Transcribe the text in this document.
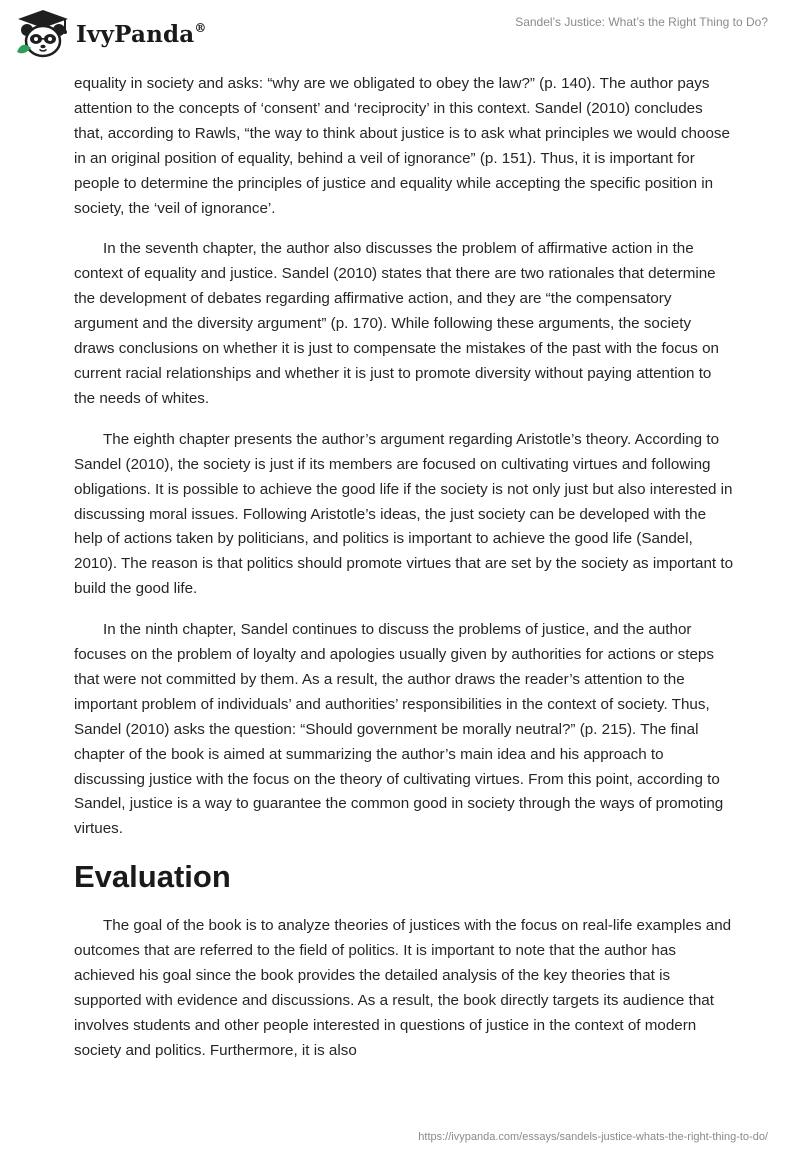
IvyPanda®	Sandel’s Justice: What’s the Right Thing to Do?

equality in society and asks: “why are we obligated to obey the law?” (p. 140). The author pays attention to the concepts of ‘consent’ and ‘reciprocity’ in this context. Sandel (2010) concludes that, according to Rawls, “the way to think about justice is to ask what principles we would choose in an original position of equality, behind a veil of ignorance” (p. 151). Thus, it is important for people to determine the principles of justice and equality while accepting the specific position in society, the ‘veil of ignorance’.

In the seventh chapter, the author also discusses the problem of affirmative action in the context of equality and justice. Sandel (2010) states that there are two rationales that determine the development of debates regarding affirmative action, and they are “the compensatory argument and the diversity argument” (p. 170). While following these arguments, the society draws conclusions on whether it is just to compensate the mistakes of the past with the focus on current racial relationships and whether it is just to promote diversity without paying attention to the needs of whites.

The eighth chapter presents the author’s argument regarding Aristotle’s theory. According to Sandel (2010), the society is just if its members are focused on cultivating virtues and following obligations. It is possible to achieve the good life if the society is not only just but also interested in discussing moral issues. Following Aristotle’s ideas, the just society can be developed with the help of actions taken by politicians, and politics is important to achieve the good life (Sandel, 2010). The reason is that politics should promote virtues that are set by the society as important to build the good life.

In the ninth chapter, Sandel continues to discuss the problems of justice, and the author focuses on the problem of loyalty and apologies usually given by authorities for actions or steps that were not committed by them. As a result, the author draws the reader’s attention to the important problem of individuals’ and authorities’ responsibilities in the context of society. Thus, Sandel (2010) asks the question: “Should government be morally neutral?” (p. 215). The final chapter of the book is aimed at summarizing the author’s main idea and his approach to discussing justice with the focus on the theory of cultivating virtues. From this point, according to Sandel, justice is a way to guarantee the common good in society through the ways of promoting virtues.

Evaluation

The goal of the book is to analyze theories of justices with the focus on real-life examples and outcomes that are referred to the field of politics. It is important to note that the author has achieved his goal since the book provides the detailed analysis of the key theories that is supported with evidence and discussions. As a result, the book directly targets its audience that involves students and other people interested in questions of justice in the context of modern society and politics. Furthermore, it is also

https://ivypanda.com/essays/sandels-justice-whats-the-right-thing-to-do/
